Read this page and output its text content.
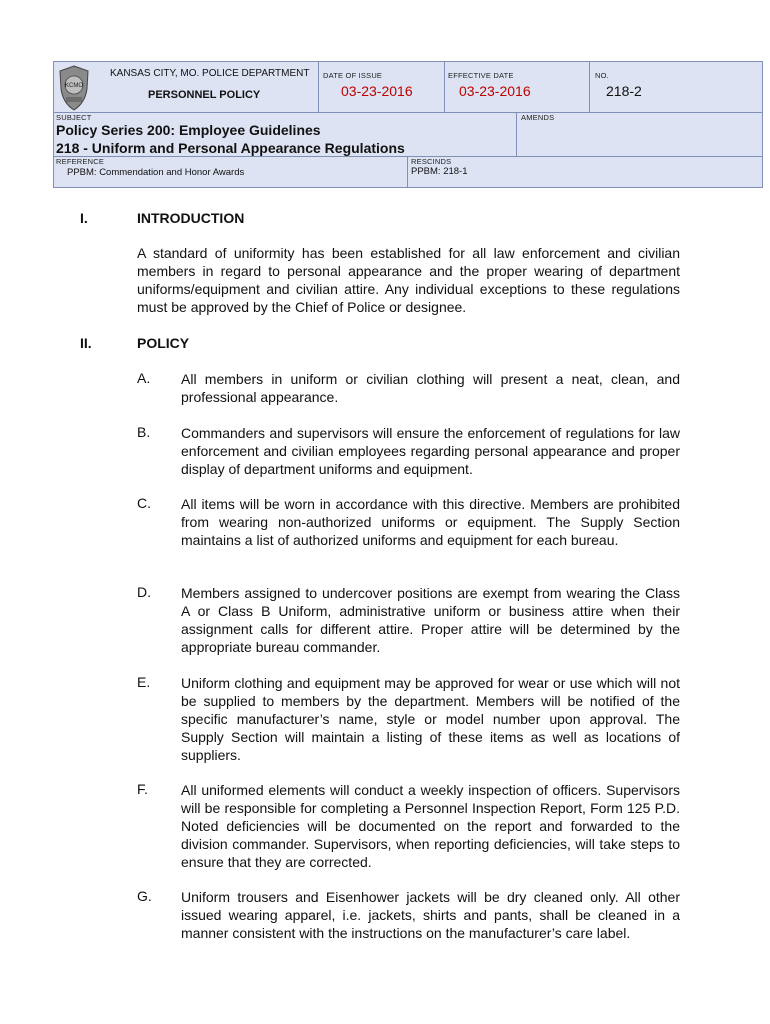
KCMO
KANSAS CITY, MO. POLICE DEPARTMENT
PERSONNEL POLICY
DATE OF ISSUE
03-23-2016
EFFECTIVE DATE
03-23-2016
NO.
218-2
SUBJECT	AMENDS
Policy Series 200: Employee Guidelines
218 - Uniform and Personal Appearance Regulations
REFERENCE
PPBM: Commendation and Honor Awards
RESCINDS
PPBM: 218-1
I.	INTRODUCTION
A standard of uniformity has been established for all law enforcement and civilian members in regard to personal appearance and the proper wearing of department uniforms/equipment and civilian attire. Any individual exceptions to these regulations must be approved by the Chief of Police or designee.
II.	POLICY
A. All members in uniform or civilian clothing will present a neat, clean, and professional appearance.
B. Commanders and supervisors will ensure the enforcement of regulations for law enforcement and civilian employees regarding personal appearance and proper display of department uniforms and equipment.
C. All items will be worn in accordance with this directive. Members are prohibited from wearing non-authorized uniforms or equipment. The Supply Section maintains a list of authorized uniforms and equipment for each bureau.
D. Members assigned to undercover positions are exempt from wearing the Class A or Class B Uniform, administrative uniform or business attire when their assignment calls for different attire. Proper attire will be determined by the appropriate bureau commander.
E. Uniform clothing and equipment may be approved for wear or use which will not be supplied to members by the department. Members will be notified of the specific manufacturer’s name, style or model number upon approval. The Supply Section will maintain a listing of these items as well as locations of suppliers.
F. All uniformed elements will conduct a weekly inspection of officers. Supervisors will be responsible for completing a Personnel Inspection Report, Form 125 P.D. Noted deficiencies will be documented on the report and forwarded to the division commander. Supervisors, when reporting deficiencies, will take steps to ensure that they are corrected.
G. Uniform trousers and Eisenhower jackets will be dry cleaned only. All other issued wearing apparel, i.e. jackets, shirts and pants, shall be cleaned in a manner consistent with the instructions on the manufacturer’s care label.
